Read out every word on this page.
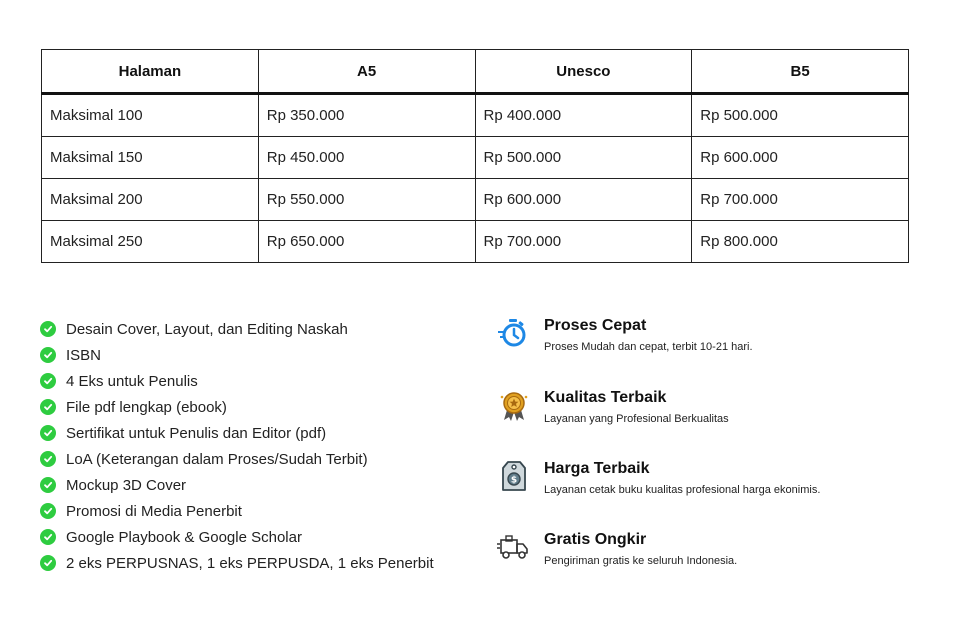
Halaman	A5	Unesco	B5
Maksimal 100	Rp 350.000	Rp 400.000	Rp 500.000
Maksimal 150	Rp 450.000	Rp 500.000	Rp 600.000
Maksimal 200	Rp 550.000	Rp 600.000	Rp 700.000
Maksimal 250	Rp 650.000	Rp 700.000	Rp 800.000
Desain Cover, Layout, dan Editing Naskah
ISBN
4 Eks untuk Penulis
File pdf lengkap (ebook)
Sertifikat untuk Penulis dan Editor (pdf)
LoA (Keterangan dalam Proses/Sudah Terbit)
Mockup 3D Cover
Promosi di Media Penerbit
Google Playbook & Google Scholar
2 eks PERPUSNAS, 1 eks PERPUSDA, 1 eks Penerbit
Proses Cepat
Proses Mudah dan cepat, terbit 10-21 hari.
Kualitas Terbaik
Layanan yang Profesional Berkualitas
$
Harga Terbaik
Layanan cetak buku kualitas profesional harga ekonimis.
Gratis Ongkir
Pengiriman gratis ke seluruh Indonesia.
